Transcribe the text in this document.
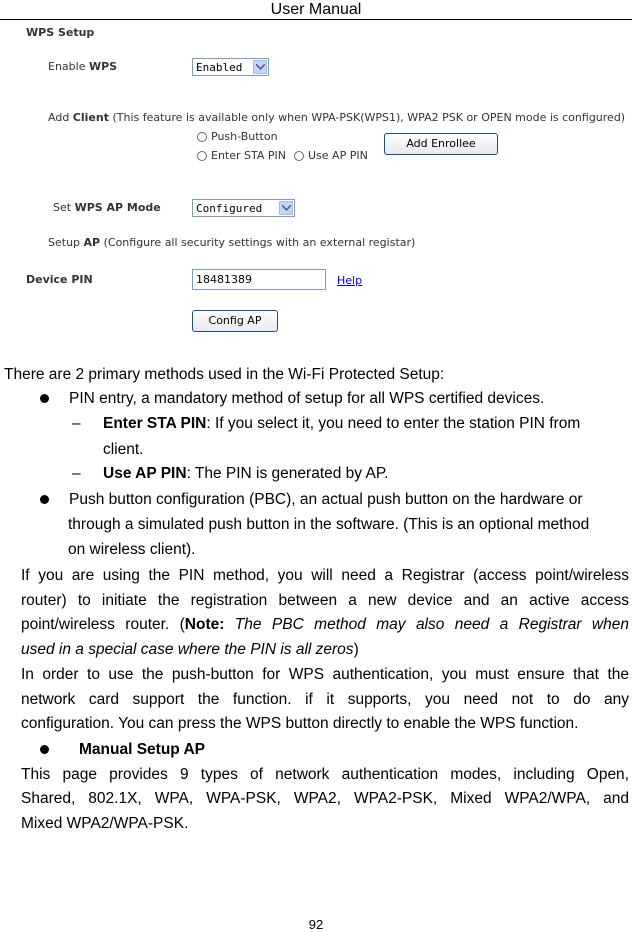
User Manual
WPS Setup
Enable WPS	Enabled
Add Client (This feature is available only when WPA-PSK(WPS1), WPA2 PSK or OPEN mode is configured)
Push-Button
Enter STA PIN Use AP PIN
Add Enrollee
Set WPS AP Mode	Configured
Setup AP (Configure all security settings with an external registar)
Device PIN	18481389	Help
Config AP
There are 2 primary methods used in the Wi-Fi Protected Setup:
PIN entry, a mandatory method of setup for all WPS certified devices.
– Enter STA PIN: If you select it, you need to enter the station PIN from
client.
– Use AP PIN: The PIN is generated by AP.
Push button configuration (PBC), an actual push button on the hardware or
through a simulated push button in the software. (This is an optional method
on wireless client).
If you are using the PIN method, you will need a Registrar (access point/wireless
router) to initiate the registration between a new device and an active access
point/wireless router. (Note: The PBC method may also need a Registrar when
used in a special case where the PIN is all zeros)
In order to use the push-button for WPS authentication, you must ensure that the
network card support the function. if it supports, you need not to do any
configuration. You can press the WPS button directly to enable the WPS function.
Manual Setup AP
This page provides 9 types of network authentication modes, including Open,
Shared, 802.1X, WPA, WPA-PSK, WPA2, WPA2-PSK, Mixed WPA2/WPA, and
Mixed WPA2/WPA-PSK.
92
